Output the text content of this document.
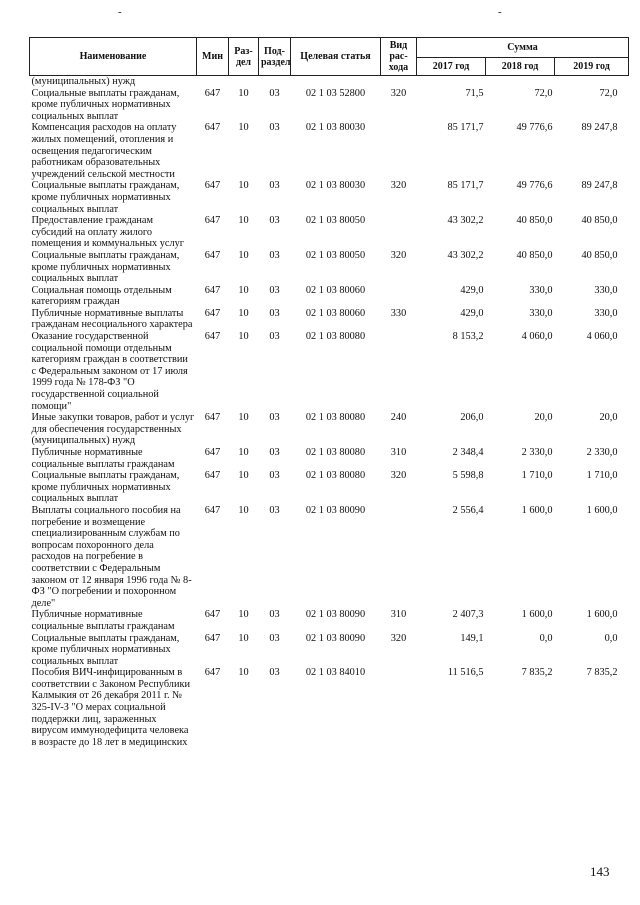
-	-
Наименование	Мин	Раз-дел	Под-раздел	Целевая статья	Вид рас-хода	Сумма		
						2017 год	2018 год	2019 год
(муниципальных) нужд								
Социальные выплаты гражданам, кроме публичных нормативных социальных выплат	647	10	03	02 1 03 52800	320	71,5	72,0	72,0
Компенсация расходов на оплату жилых помещений, отопления и освещения педагогическим работникам образовательных учреждений сельской местности	647	10	03	02 1 03 80030		85 171,7	49 776,6	89 247,8
Социальные выплаты гражданам, кроме публичных нормативных социальных выплат	647	10	03	02 1 03 80030	320	85 171,7	49 776,6	89 247,8
Предоставление гражданам субсидий на оплату жилого помещения и коммунальных услуг	647	10	03	02 1 03 80050		43 302,2	40 850,0	40 850,0
Социальные выплаты гражданам, кроме публичных нормативных социальных выплат	647	10	03	02 1 03 80050	320	43 302,2	40 850,0	40 850,0
Социальная помощь отдельным категориям граждан	647	10	03	02 1 03 80060		429,0	330,0	330,0
Публичные нормативные выплаты гражданам несоциального характера	647	10	03	02 1 03 80060	330	429,0	330,0	330,0
Оказание государственной социальной помощи отдельным категориям граждан в соответствии с Федеральным законом от 17 июля 1999 года № 178-ФЗ "О государственной социальной помощи"	647	10	03	02 1 03 80080		8 153,2	4 060,0	4 060,0
Иные закупки товаров, работ и услуг для обеспечения государственных (муниципальных) нужд	647	10	03	02 1 03 80080	240	206,0	20,0	20,0
Публичные нормативные социальные выплаты гражданам	647	10	03	02 1 03 80080	310	2 348,4	2 330,0	2 330,0
Социальные выплаты гражданам, кроме публичных нормативных социальных выплат	647	10	03	02 1 03 80080	320	5 598,8	1 710,0	1 710,0
Выплаты социального пособия на погребение и возмещение специализированным службам по вопросам похоронного дела расходов на погребение в соответствии с Федеральным законом от 12 января 1996 года № 8-ФЗ "О погребении и похоронном деле"	647	10	03	02 1 03 80090		2 556,4	1 600,0	1 600,0
Публичные нормативные социальные выплаты гражданам	647	10	03	02 1 03 80090	310	2 407,3	1 600,0	1 600,0
Социальные выплаты гражданам, кроме публичных нормативных социальных выплат	647	10	03	02 1 03 80090	320	149,1	0,0	0,0
Пособия ВИЧ-инфицированным в соответствии с Законом Республики Калмыкия от 26 декабря 2011 г. № 325-IV-З "О мерах социальной поддержки лиц, зараженных вирусом иммунодефицита человека в возрасте до 18 лет в медицинских	647	10	03	02 1 03 84010		11 516,5	7 835,2	7 835,2
143
